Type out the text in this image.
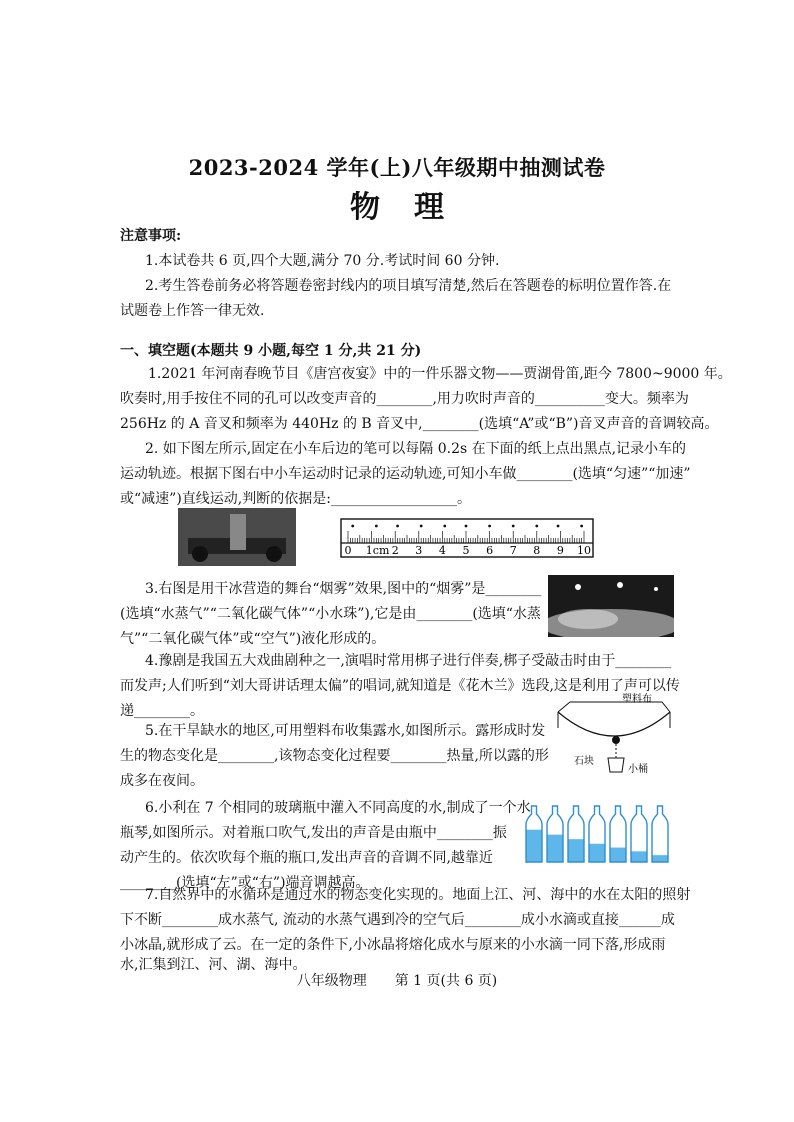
2023-2024 学年(上)八年级期中抽测试卷
物理
注意事项:
1.本试卷共 6 页,四个大题,满分 70 分.考试时间 60 分钟.
2.考生答卷前务必将答题卷密封线内的项目填写清楚,然后在答题卷的标明位置作答.在
试题卷上作答一律无效.
一、填空题(本题共 9 小题,每空 1 分,共 21 分)
1.2021 年河南春晚节目《唐宫夜宴》中的一件乐器文物——贾湖骨笛,距今 7800~9000 年。
吹奏时,用手按住不同的孔可以改变声音的________,用力吹时声音的__________变大。频率为
256Hz 的 A 音叉和频率为 440Hz 的 B 音叉中,________(选填“A”或“B”)音叉声音的音调较高。
2. 如下图左所示,固定在小车后边的笔可以每隔 0.2s 在下面的纸上点出黑点,记录小车的
运动轨迹。根据下图右中小车运动时记录的运动轨迹,可知小车做________(选填“匀速”“加速”
或“减速”)直线运动,判断的依据是:__________________。
0 1cm 2 3 4 5 6 7 8 9 10
3.右图是用干冰营造的舞台“烟雾”效果,图中的“烟雾”是________
(选填“水蒸气”“二氧化碳气体”“小水珠”),它是由________(选填“水蒸
气”“二氧化碳气体”或“空气”)液化形成的。
4.豫剧是我国五大戏曲剧种之一,演唱时常用梆子进行伴奏,梆子受敲击时由于________
而发声;人们听到“刘大哥讲话理太偏”的唱词,就知道是《花木兰》选段,这是利用了声可以传
递________。
5.在干旱缺水的地区,可用塑料布收集露水,如图所示。露形成时发
生的物态变化是________,该物态变化过程要________热量,所以露的形
成多在夜间。
塑料布
石块
小桶
6.小利在 7 个相同的玻璃瓶中灌入不同高度的水,制成了一个水
瓶琴,如图所示。对着瓶口吹气,发出的声音是由瓶中________振
动产生的。依次吹每个瓶的瓶口,发出声音的音调不同,越靠近
________(选填“左”或“右”)端音调越高。
7.自然界中的水循环是通过水的物态变化实现的。地面上江、河、海中的水在太阳的照射
下不断________成水蒸气, 流动的水蒸气遇到冷的空气后________成小水滴或直接______成
小冰晶,就形成了云。在一定的条件下,小冰晶将熔化成水与原来的小水滴一同下落,形成雨
水,汇集到江、河、湖、海中。
八年级物理　　第 1 页(共 6 页)
